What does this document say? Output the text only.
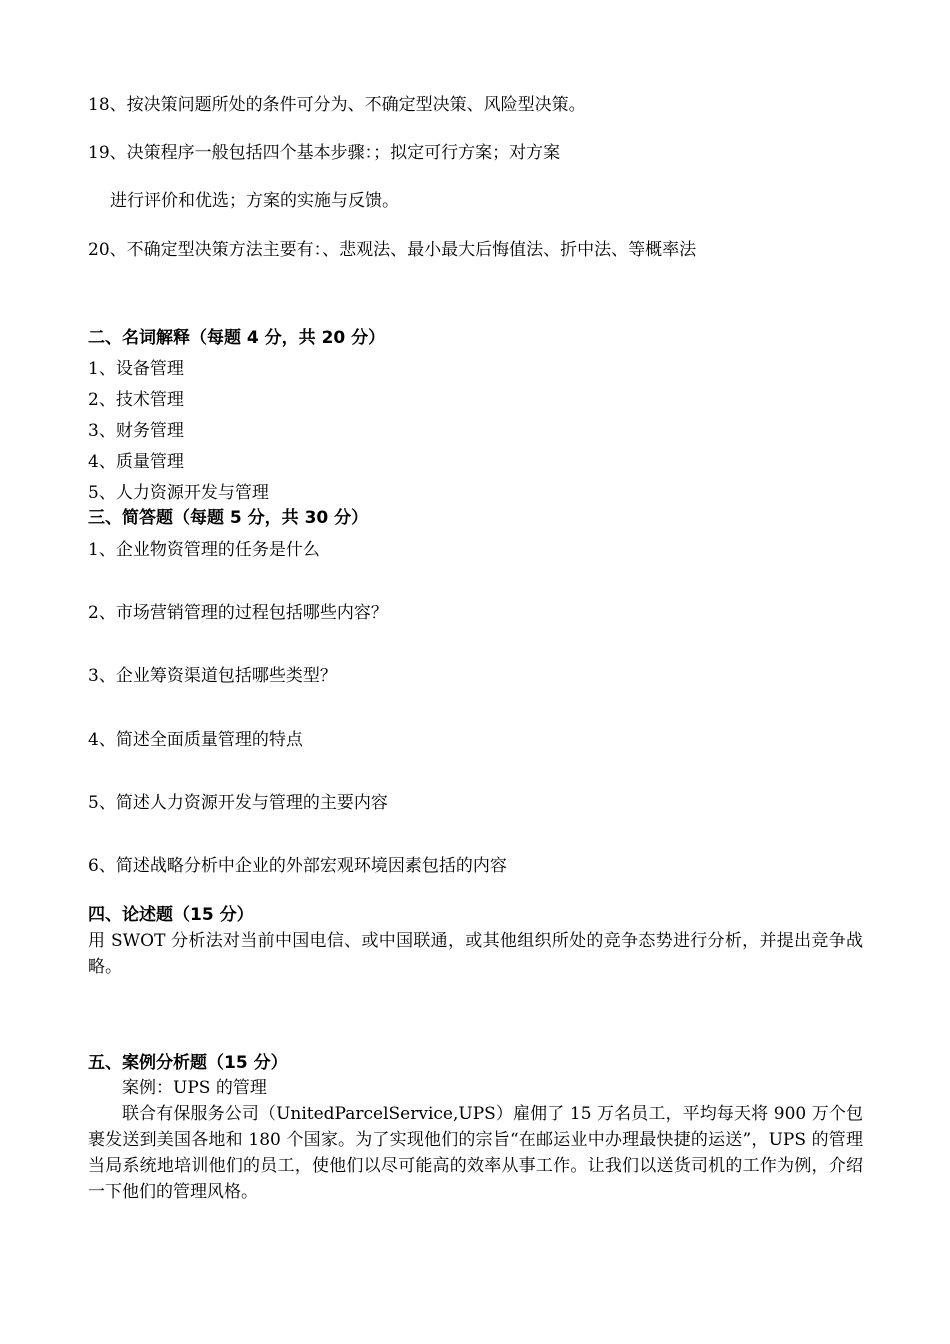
18、按决策问题所处的条件可分为、不确定型决策、风险型决策。
19、决策程序一般包括四个基本步骤：；拟定可行方案；对方案
进行评价和优选；方案的实施与反馈。
20、不确定型决策方法主要有：、悲观法、最小最大后悔值法、折中法、等概率法
二、名词解释（每题 4 分，共 20 分）
1、设备管理
2、技术管理
3、财务管理
4、质量管理
5、人力资源开发与管理
三、简答题（每题 5 分，共 30 分）
1、企业物资管理的任务是什么
2、市场营销管理的过程包括哪些内容？
3、企业筹资渠道包括哪些类型？
4、简述全面质量管理的特点
5、简述人力资源开发与管理的主要内容
6、简述战略分析中企业的外部宏观环境因素包括的内容
四、论述题（15 分）
用 SWOT 分析法对当前中国电信、或中国联通，或其他组织所处的竞争态势进行分析，并提出竞争战略。
五、案例分析题（15 分）
案例：UPS 的管理
联合有保服务公司（UnitedParcelService,UPS）雇佣了 15 万名员工，平均每天将 900 万个包裹发送到美国各地和 180 个国家。为了实现他们的宗旨“在邮运业中办理最快捷的运送”，UPS 的管理当局系统地培训他们的员工，使他们以尽可能高的效率从事工作。让我们以送货司机的工作为例，介绍一下他们的管理风格。
